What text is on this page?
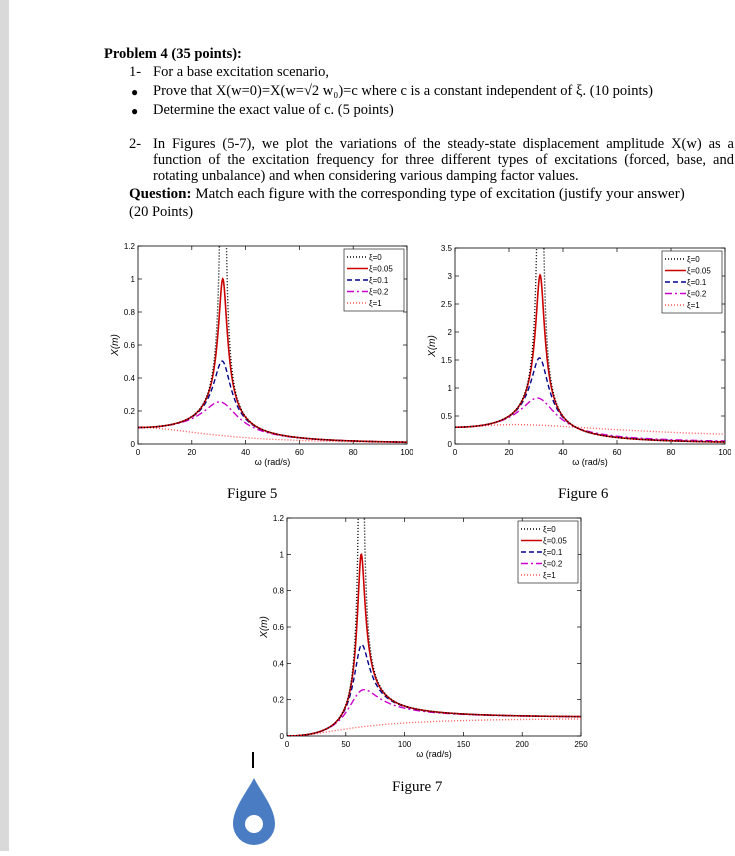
Problem 4 (35 points):
1- For a base excitation scenario,
● Prove that X(w=0)=X(w=√2 w₀)=c where c is a constant independent of ξ. (10 points)
● Determine the exact value of c. (5 points)
2- In Figures (5-7), we plot the variations of the steady-state displacement amplitude X(w) as a
function of the excitation frequency for three different types of excitations (forced, base, and
rotating unbalance) and when considering various damping factor values.
Question: Match each figure with the corresponding type of excitation (justify your answer)
(20 Points)
0	20	40	60	80	100
0
0.2
0.4
0.6
0.8
1
1.2
ω (rad/s)
X(m)
ξ=0
ξ=0.05
ξ=0.1
ξ=0.2
ξ=1
Figure 5
0	20	40	60	80	100
0
0.5
1
1.5
2
2.5
3
3.5
ω (rad/s)
X(m)
ξ=0
ξ=0.05
ξ=0.1
ξ=0.2
ξ=1
Figure 6
0	50	100	150	200	250
0
0.2
0.4
0.6
0.8
1
1.2
ω (rad/s)
X(m)
ξ=0
ξ=0.05
ξ=0.1
ξ=0.2
ξ=1
Figure 7
